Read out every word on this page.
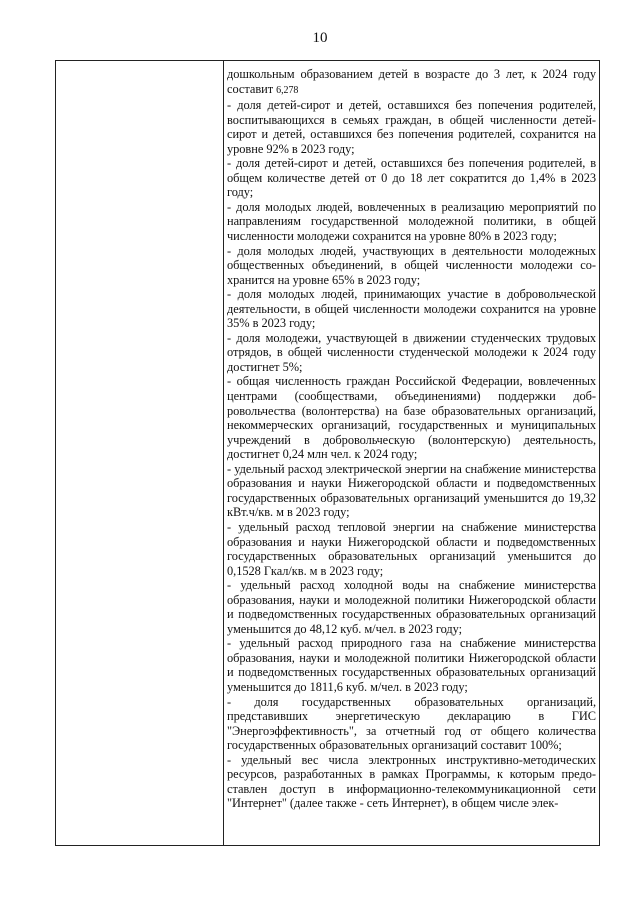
10

дошкольным образованием детей в возрасте до 3 лет, к 2024 году составит 6,278

- доля детей-сирот и детей, оставшихся без попечения родителей, воспитывающихся в семьях граждан, в общей численности детей-сирот и детей, оставшихся без попечения родителей, сохранится на уровне 92% в 2023 году;

- доля детей-сирот и детей, оставшихся без попечения родителей, в общем количестве детей от 0 до 18 лет сократится до 1,4% в 2023 году;

- доля молодых людей, вовлеченных в реализацию мероприятий по направлениям государственной молодежной политики, в общей численности молодежи сохранится на уровне 80% в 2023 году;

- доля молодых людей, участвующих в деятельности молодежных общественных объединений, в общей численности молодежи сохранится на уровне 65% в 2023 году;

- доля молодых людей, принимающих участие в добровольческой деятельности, в общей численности молодежи сохранится на уровне 35% в 2023 году;

- доля молодежи, участвующей в движении студенческих трудовых отрядов, в общей численности студенческой молодежи к 2024 году достигнет 5%;

- общая численность граждан Российской Федерации, вовлеченных центрами (сообществами, объединениями) поддержки добровольчества (волонтерства) на базе образовательных организаций, некоммерческих организаций, государственных и муниципальных учреждений в добровольческую (волонтерскую) деятельность, достигнет 0,24 млн чел. к 2024 году;

- удельный расход электрической энергии на снабжение министерства образования и науки Нижегородской области и подведомственных государственных образовательных организаций уменьшится до 19,32 кВт.ч/кв. м в 2023 году;

- удельный расход тепловой энергии на снабжение министерства образования и науки Нижегородской области и подведомственных государственных образовательных организаций уменьшится до 0,1528 Гкал/кв. м в 2023 году;

- удельный расход холодной воды на снабжение министерства образования, науки и молодежной политики Нижегородской области и подведомственных государственных образовательных организаций уменьшится до 48,12 куб. м/чел. в 2023 году;

- удельный расход природного газа на снабжение министерства образования, науки и молодежной политики Нижегородской области и подведомственных государственных образовательных организаций уменьшится до 1811,6 куб. м/чел. в 2023 году;

- доля государственных образовательных организаций, представивших энергетическую декларацию в ГИС "Энергоэффективность", за отчетный год от общего количества государственных образовательных организаций составит 100%;

- удельный вес числа электронных инструктивно-методических ресурсов, разработанных в рамках Программы, к которым предоставлен доступ в информационно-телекоммуникационной сети "Интернет" (далее также - сеть Интернет), в общем числе элек-
